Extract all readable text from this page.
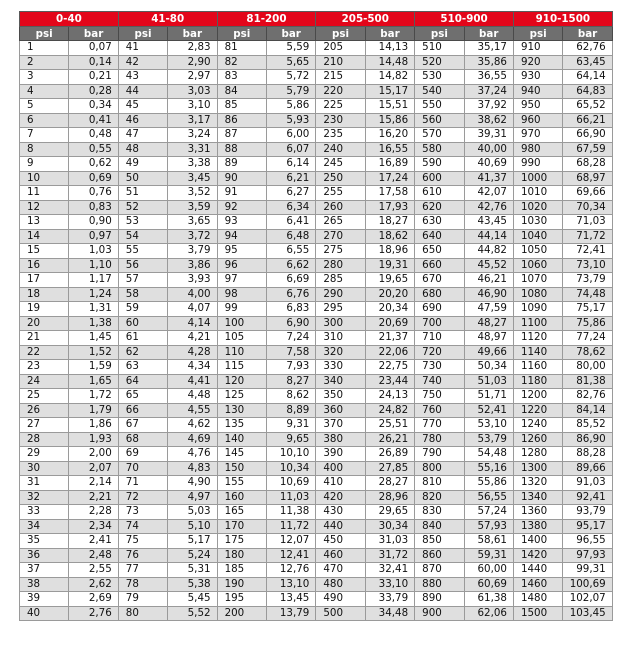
0-40		41-80		81-200		205-500		510-900		910-1500	
psi	bar	psi	bar	psi	bar	psi	bar	psi	bar	psi	bar
1	0,07	41	2,83	81	5,59	205	14,13	510	35,17	910	62,76
2	0,14	42	2,90	82	5,65	210	14,48	520	35,86	920	63,45
3	0,21	43	2,97	83	5,72	215	14,82	530	36,55	930	64,14
4	0,28	44	3,03	84	5,79	220	15,17	540	37,24	940	64,83
5	0,34	45	3,10	85	5,86	225	15,51	550	37,92	950	65,52
6	0,41	46	3,17	86	5,93	230	15,86	560	38,62	960	66,21
7	0,48	47	3,24	87	6,00	235	16,20	570	39,31	970	66,90
8	0,55	48	3,31	88	6,07	240	16,55	580	40,00	980	67,59
9	0,62	49	3,38	89	6,14	245	16,89	590	40,69	990	68,28
10	0,69	50	3,45	90	6,21	250	17,24	600	41,37	1000	68,97
11	0,76	51	3,52	91	6,27	255	17,58	610	42,07	1010	69,66
12	0,83	52	3,59	92	6,34	260	17,93	620	42,76	1020	70,34
13	0,90	53	3,65	93	6,41	265	18,27	630	43,45	1030	71,03
14	0,97	54	3,72	94	6,48	270	18,62	640	44,14	1040	71,72
15	1,03	55	3,79	95	6,55	275	18,96	650	44,82	1050	72,41
16	1,10	56	3,86	96	6,62	280	19,31	660	45,52	1060	73,10
17	1,17	57	3,93	97	6,69	285	19,65	670	46,21	1070	73,79
18	1,24	58	4,00	98	6,76	290	20,20	680	46,90	1080	74,48
19	1,31	59	4,07	99	6,83	295	20,34	690	47,59	1090	75,17
20	1,38	60	4,14	100	6,90	300	20,69	700	48,27	1100	75,86
21	1,45	61	4,21	105	7,24	310	21,37	710	48,97	1120	77,24
22	1,52	62	4,28	110	7,58	320	22,06	720	49,66	1140	78,62
23	1,59	63	4,34	115	7,93	330	22,75	730	50,34	1160	80,00
24	1,65	64	4,41	120	8,27	340	23,44	740	51,03	1180	81,38
25	1,72	65	4,48	125	8,62	350	24,13	750	51,71	1200	82,76
26	1,79	66	4,55	130	8,89	360	24,82	760	52,41	1220	84,14
27	1,86	67	4,62	135	9,31	370	25,51	770	53,10	1240	85,52
28	1,93	68	4,69	140	9,65	380	26,21	780	53,79	1260	86,90
29	2,00	69	4,76	145	10,10	390	26,89	790	54,48	1280	88,28
30	2,07	70	4,83	150	10,34	400	27,85	800	55,16	1300	89,66
31	2,14	71	4,90	155	10,69	410	28,27	810	55,86	1320	91,03
32	2,21	72	4,97	160	11,03	420	28,96	820	56,55	1340	92,41
33	2,28	73	5,03	165	11,38	430	29,65	830	57,24	1360	93,79
34	2,34	74	5,10	170	11,72	440	30,34	840	57,93	1380	95,17
35	2,41	75	5,17	175	12,07	450	31,03	850	58,61	1400	96,55
36	2,48	76	5,24	180	12,41	460	31,72	860	59,31	1420	97,93
37	2,55	77	5,31	185	12,76	470	32,41	870	60,00	1440	99,31
38	2,62	78	5,38	190	13,10	480	33,10	880	60,69	1460	100,69
39	2,69	79	5,45	195	13,45	490	33,79	890	61,38	1480	102,07
40	2,76	80	5,52	200	13,79	500	34,48	900	62,06	1500	103,45
